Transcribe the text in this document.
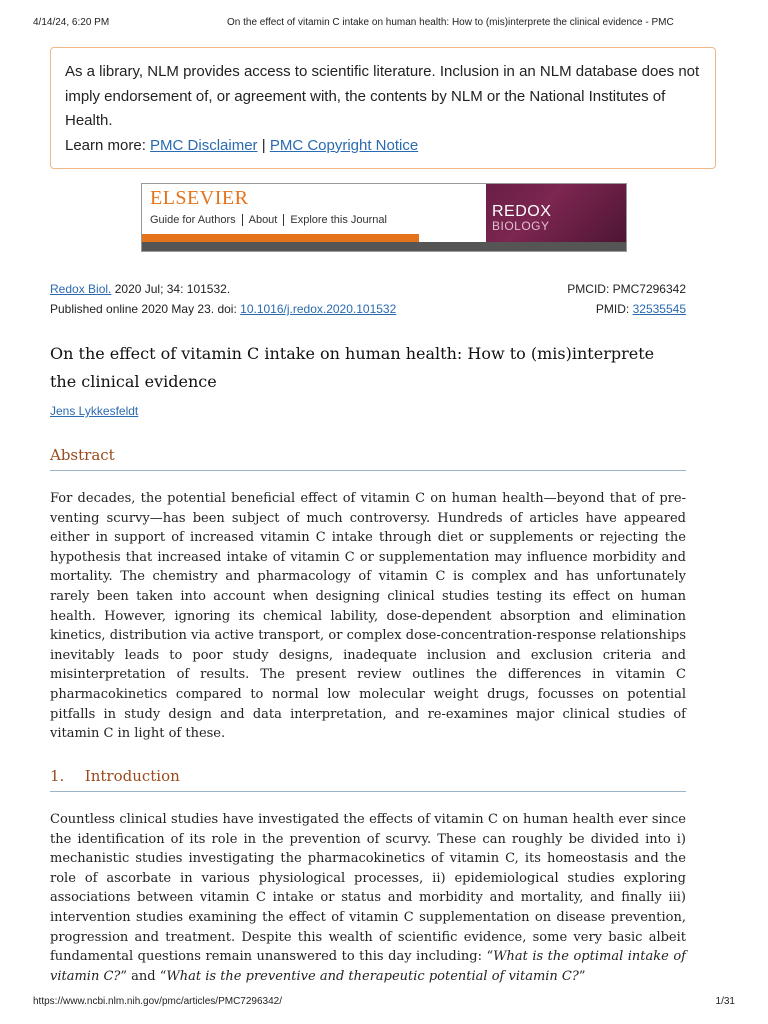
4/14/24, 6:20 PM	On the effect of vitamin C intake on human health: How to (mis)interprete the clinical evidence - PMC
As a library, NLM provides access to scientific literature. Inclusion in an NLM database does not imply endorsement of, or agreement with, the contents by NLM or the National Institutes of Health.
Learn more: PMC Disclaimer | PMC Copyright Notice
ELSEVIER
Guide for Authors	About	Explore this Journal	REDOX
BIOLOGY
Redox Biol. 2020 Jul; 34: 101532.	PMCID: PMC7296342
Published online 2020 May 23. doi: 10.1016/j.redox.2020.101532	PMID: 32535545
On the effect of vitamin C intake on human health: How to (mis)interprete the clinical evidence
Jens Lykkesfeldt
Abstract
For decades, the potential beneficial effect of vitamin C on human health—beyond that of pre-venting scurvy—has been subject of much controversy. Hundreds of articles have appeared either in support of increased vitamin C intake through diet or supplements or rejecting the hypothesis that increased intake of vitamin C or supplementation may influence morbidity and mortality. The chemistry and pharmacology of vitamin C is complex and has unfortunately rarely been taken into account when designing clinical studies testing its effect on human health. However, ignoring its chemical lability, dose-dependent absorption and elimination kinetics, distribution via active transport, or complex dose-concentration-response relationships inevitably leads to poor study designs, inadequate inclusion and exclusion criteria and misinterpretation of results. The present review outlines the differences in vitamin C pharmacokinetics compared to normal low molecular weight drugs, focusses on potential pitfalls in study design and data interpretation, and re-examines major clinical studies of vitamin C in light of these.
1. Introduction
Countless clinical studies have investigated the effects of vitamin C on human health ever since the identification of its role in the prevention of scurvy. These can roughly be divided into i) mechanistic studies investigating the pharmacokinetics of vitamin C, its homeostasis and the role of ascorbate in various physiological processes, ii) epidemiological studies exploring associations between vitamin C intake or status and morbidity and mortality, and finally iii) intervention studies examining the effect of vitamin C supplementation on disease prevention, progression and treatment. Despite this wealth of scientific evidence, some very basic albeit fundamental questions remain unanswered to this day including: “What is the optimal intake of vitamin C?” and “What is the preventive and therapeutic potential of vitamin C?”
https://www.ncbi.nlm.nih.gov/pmc/articles/PMC7296342/	1/31
